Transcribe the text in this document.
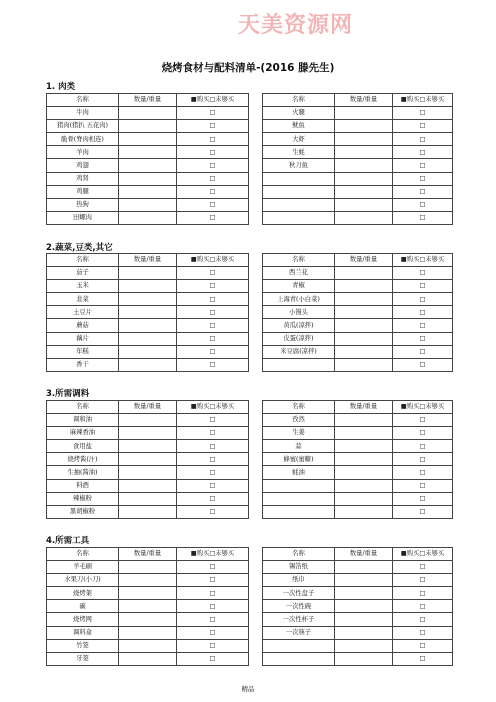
天美资源网
烧烤食材与配料清单-(2016 滕先生)
1. 肉类
名称	数量/重量	■购买□未够买		名称	数量/重量	■购买□未够买
牛肉		□		火腿		□
猪肉(猪扒 五花肉)		□		鱿鱼		□
脆骨(脊肉相连)		□		大虾		□
羊肉		□		生蚝		□
鸡翅		□		秋刀鱼		□
鸡肾		□				□
鸡腿		□				□
热狗		□				□
田螺肉		□				□
2.蔬菜,豆类,其它
名称	数量/重量	■购买□未够买		名称	数量/重量	■购买□未够买
茄子		□		西兰花		□
玉米		□		青椒		□
韭菜		□		上海青(小白菜)		□
土豆片		□		小馒头		□
蘑菇		□		黄瓜(凉拌)		□
藕片		□		皮蛋(凉拌)		□
年糕		□		米豆腐(凉拌)		□
香干		□				□
3.所需调料
名称	数量/重量	■购买□未够买		名称	数量/重量	■购买□未够买
调和油		□		孜然		□
麻辣香油		□		生姜		□
食用盐		□		蒜		□
烧烤酱(汁)		□		蜂蜜(蜜糖)		□
生抽(酱油)		□		蚝油		□
料酒		□				□
辣椒粉		□				□
黑胡椒粉		□				□
4.所需工具
名称	数量/重量	■购买□未够买		名称	数量/重量	■购买□未够买
羊毛刷		□		锡箔纸		□
水果刀(小刀)		□		纸巾		□
烧烤架		□		一次性盘子		□
碳		□		一次性碗		□
烧烤网		□		一次性杯子		□
调料盒		□		一次筷子		□
竹签		□				□
牙签		□				□
精品
